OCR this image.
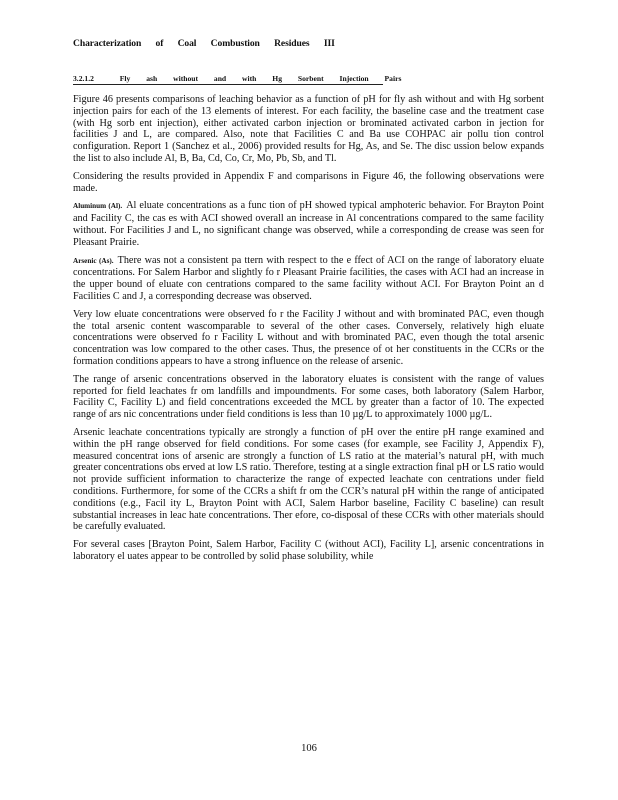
Characterization of Coal Combustion Residues III
3.2.1.2	Fly ash without and with Hg Sorbent Injection Pairs

Figure 46 presents comparisons of leaching behavior as a function of pH for fly ash without and with Hg sorbent injection pairs for each of the 13 elements of interest. For each facility, the baseline case and the treatment case (with Hg sorb ent injection), either activated carbon injection or brominated activated carbon in jection for facilities J and L, are compared. Also, note that Facilities C and Ba use COHPAC air pollu tion control configuration. Report 1 (Sanchez et al., 2006) provided results for Hg, As, and Se. The disc ussion below expands the list to also include Al, B, Ba, Cd, Co, Cr, Mo, Pb, Sb, and Tl.

Considering the results provided in Appendix F and comparisons in Figure 46, the following observations were made.

Aluminum (Al). Al eluate concentrations as a func tion of pH showed typical amphoteric behavior. For Brayton Point and Facility C, the cas es with ACI showed overall an increase in Al concentrations compared to the same facility without. For Facilities J and L, no significant change was observed, while a corresponding de crease was seen for Pleasant Prairie.

Arsenic (As). There was not a consistent pa ttern with respect to the e ffect of ACI on the range of laboratory eluate concentrations. For Salem Harbor and slightly fo r Pleasant Prairie facilities, the cases with ACI had an increase in the upper bound of eluate con centrations compared to the same facility without ACI. For Brayton Point an d Facilities C and J, a corresponding decrease was observed.

Very low eluate concentrations were observed fo r the Facility J without and with brominated PAC, even though the total arsenic content wascomparable to several of the other cases. Conversely, relatively high eluate concentrations were observed fo r Facility L without and with brominated PAC, even though the total arsenic concentration was low compared to the other cases. Thus, the presence of ot her constituents in the CCRs or the formation conditions appears to have a strong influence on the release of arsenic.

The range of arsenic concentrations observed in the laboratory eluates is consistent with the range of values reported for field leachates fr om landfills and impoundments. For some cases, both laboratory (Salem Harbor, Facility C, Facility L) and field concentrations exceeded the MCL by greater than a factor of 10. The expected range of ars nic concentrations under field conditions is less than 10 µg/L to approximately 1000 µg/L.

Arsenic leachate concentrations typically are strongly a function of pH over the entire pH range examined and within the pH range observed for field conditions. For some cases (for example, see Facility J, Appendix F), measured concentrat ions of arsenic are strongly a function of LS ratio at the material’s natural pH, with much greater concentrations obs erved at low LS ratio. Therefore, testing at a single extraction final pH or LS ratio would not provide sufficient information to characterize the range of expected leachate con centrations under field conditions. Furthermore, for some of the CCRs a shift fr om the CCR’s natural pH within the range of anticipated conditions (e.g., Facil ity L, Brayton Point with ACI, Salem Harbor baseline, Facility C baseline) can result substantial increases in leac hate concentrations. Ther efore, co-disposal of these CCRs with other materials should be carefully evaluated.

For several cases [Brayton Point, Salem Harbor, Facility C (without ACI), Facility L], arsenic concentrations in laboratory el uates appear to be controlled by solid phase solubility, while

106
